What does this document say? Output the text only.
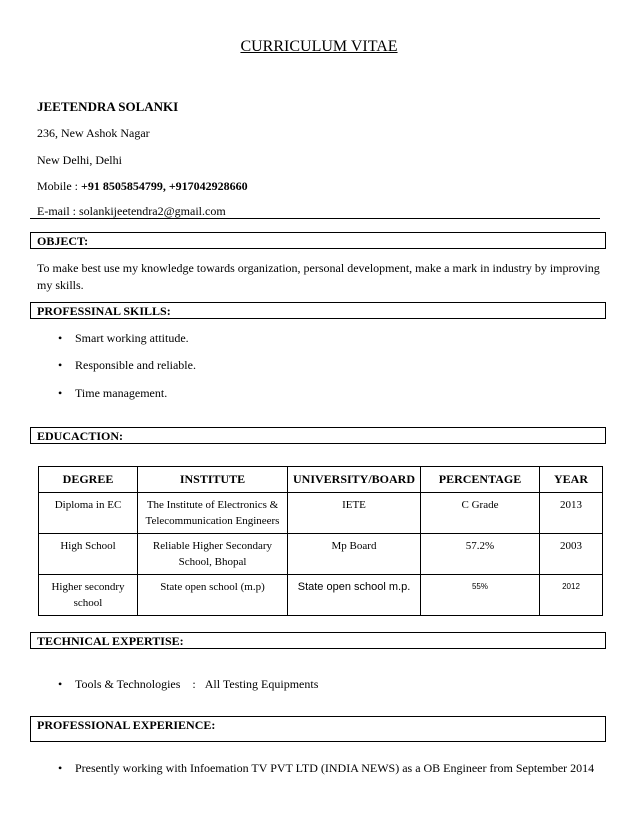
CURRICULUM VITAE
JEETENDRA SOLANKI
236, New Ashok Nagar
New Delhi, Delhi
Mobile : +91 8505854799, +917042928660
E-mail : solankijeetendra2@gmail.com
OBJECT:
To make best use my knowledge towards organization, personal development, make a mark in industry by improving my skills.
PROFESSINAL SKILLS:
• Smart working attitude.
• Responsible and reliable.
• Time management.
EDUCACTION:
DEGREE	INSTITUTE	UNIVERSITY/BOARD	PERCENTAGE	YEAR
Diploma in EC	The Institute of Electronics & Telecommunication Engineers	IETE	C Grade	2013
High School	Reliable Higher Secondary School, Bhopal	Mp Board	57.2%	2003
Higher secondry school	State open school (m.p)	State open school m.p.	55%	2012
TECHNICAL EXPERTISE:
• Tools & Technologies : All Testing Equipments
PROFESSIONAL EXPERIENCE:
• Presently working with Infoemation TV PVT LTD (INDIA NEWS) as a OB Engineer from September 2014
